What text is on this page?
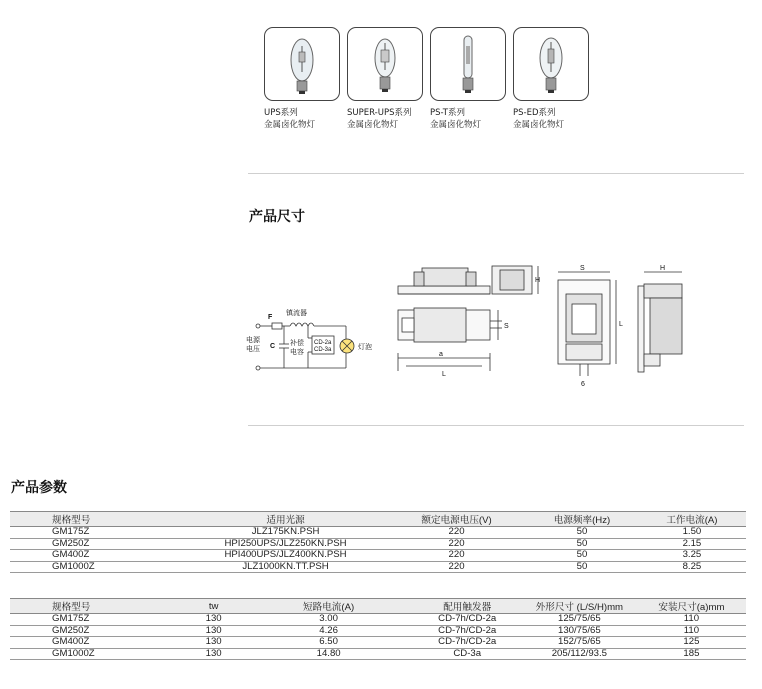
UPS系列
金属卤化物灯
SUPER-UPS系列
金属卤化物灯
PS-T系列
金属卤化物灯
PS-ED系列
金属卤化物灯
产品尺寸
F
镇流器
电源
电压 C 补偿
电容
CD-2a
CD-3a	灯泡
a
L
S
H
S
L
6
H
产品参数
规格型号	适用光源	额定电源电压(V)	电源频率(Hz)	工作电流(A)
GM175Z	JLZ175KN.PSH	220	50	1.50
GM250Z	HPI250UPS/JLZ250KN.PSH	220	50	2.15
GM400Z	HPI400UPS/JLZ400KN.PSH	220	50	3.25
GM1000Z	JLZ1000KN.TT.PSH	220	50	8.25
规格型号	tw	短路电流(A)	配用触发器	外形尺寸 (L/S/H)mm	安装尺寸(a)mm
GM175Z	130	3.00	CD-7h/CD-2a	125/75/65	110
GM250Z	130	4.26	CD-7h/CD-2a	130/75/65	110
GM400Z	130	6.50	CD-7h/CD-2a	152/75/65	125
GM1000Z	130	14.80	CD-3a	205/112/93.5	185
